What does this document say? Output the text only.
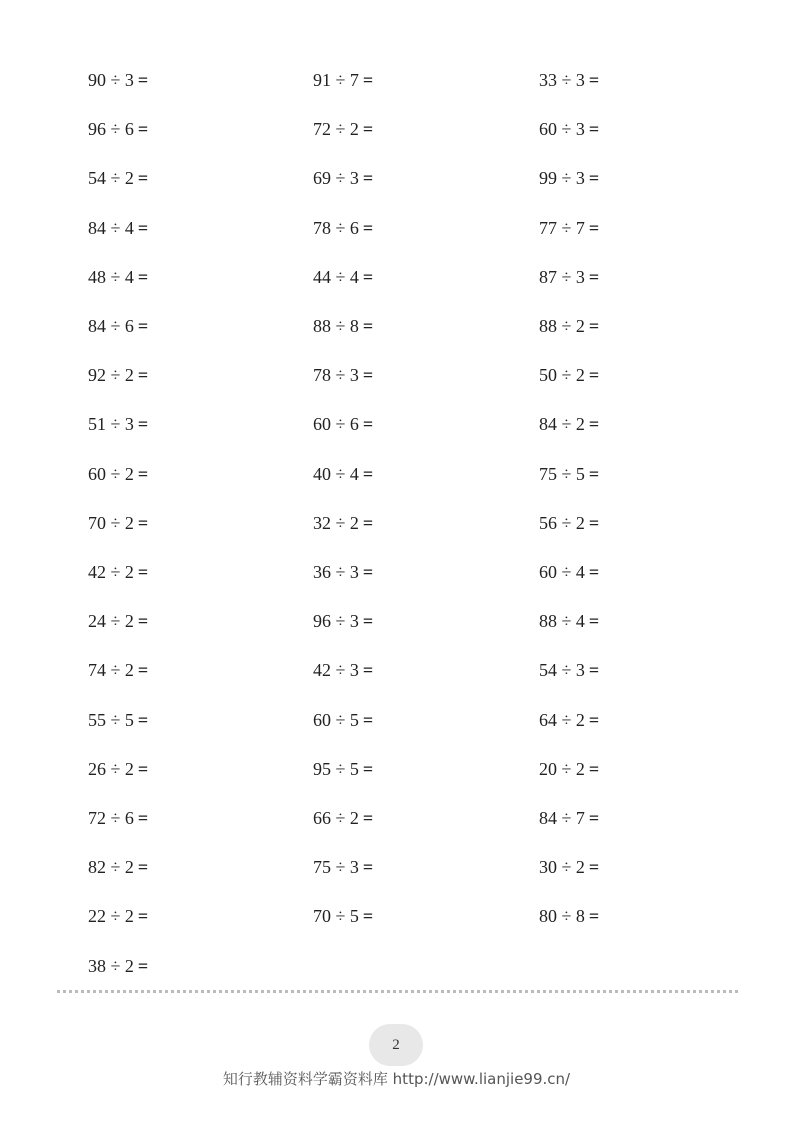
90 ÷ 3 =	91 ÷ 7 =	33 ÷ 3 =
96 ÷ 6 =	72 ÷ 2 =	60 ÷ 3 =
54 ÷ 2 =	69 ÷ 3 =	99 ÷ 3 =
84 ÷ 4 =	78 ÷ 6 =	77 ÷ 7 =
48 ÷ 4 =	44 ÷ 4 =	87 ÷ 3 =
84 ÷ 6 =	88 ÷ 8 =	88 ÷ 2 =
92 ÷ 2 =	78 ÷ 3 =	50 ÷ 2 =
51 ÷ 3 =	60 ÷ 6 =	84 ÷ 2 =
60 ÷ 2 =	40 ÷ 4 =	75 ÷ 5 =
70 ÷ 2 =	32 ÷ 2 =	56 ÷ 2 =
42 ÷ 2 =	36 ÷ 3 =	60 ÷ 4 =
24 ÷ 2 =	96 ÷ 3 =	88 ÷ 4 =
74 ÷ 2 =	42 ÷ 3 =	54 ÷ 3 =
55 ÷ 5 =	60 ÷ 5 =	64 ÷ 2 =
26 ÷ 2 =	95 ÷ 5 =	20 ÷ 2 =
72 ÷ 6 =	66 ÷ 2 =	84 ÷ 7 =
82 ÷ 2 =	75 ÷ 3 =	30 ÷ 2 =
22 ÷ 2 =	70 ÷ 5 =	80 ÷ 8 =
38 ÷ 2 =
2
知行教辅资料学霸资料库 http://www.lianjie99.cn/
